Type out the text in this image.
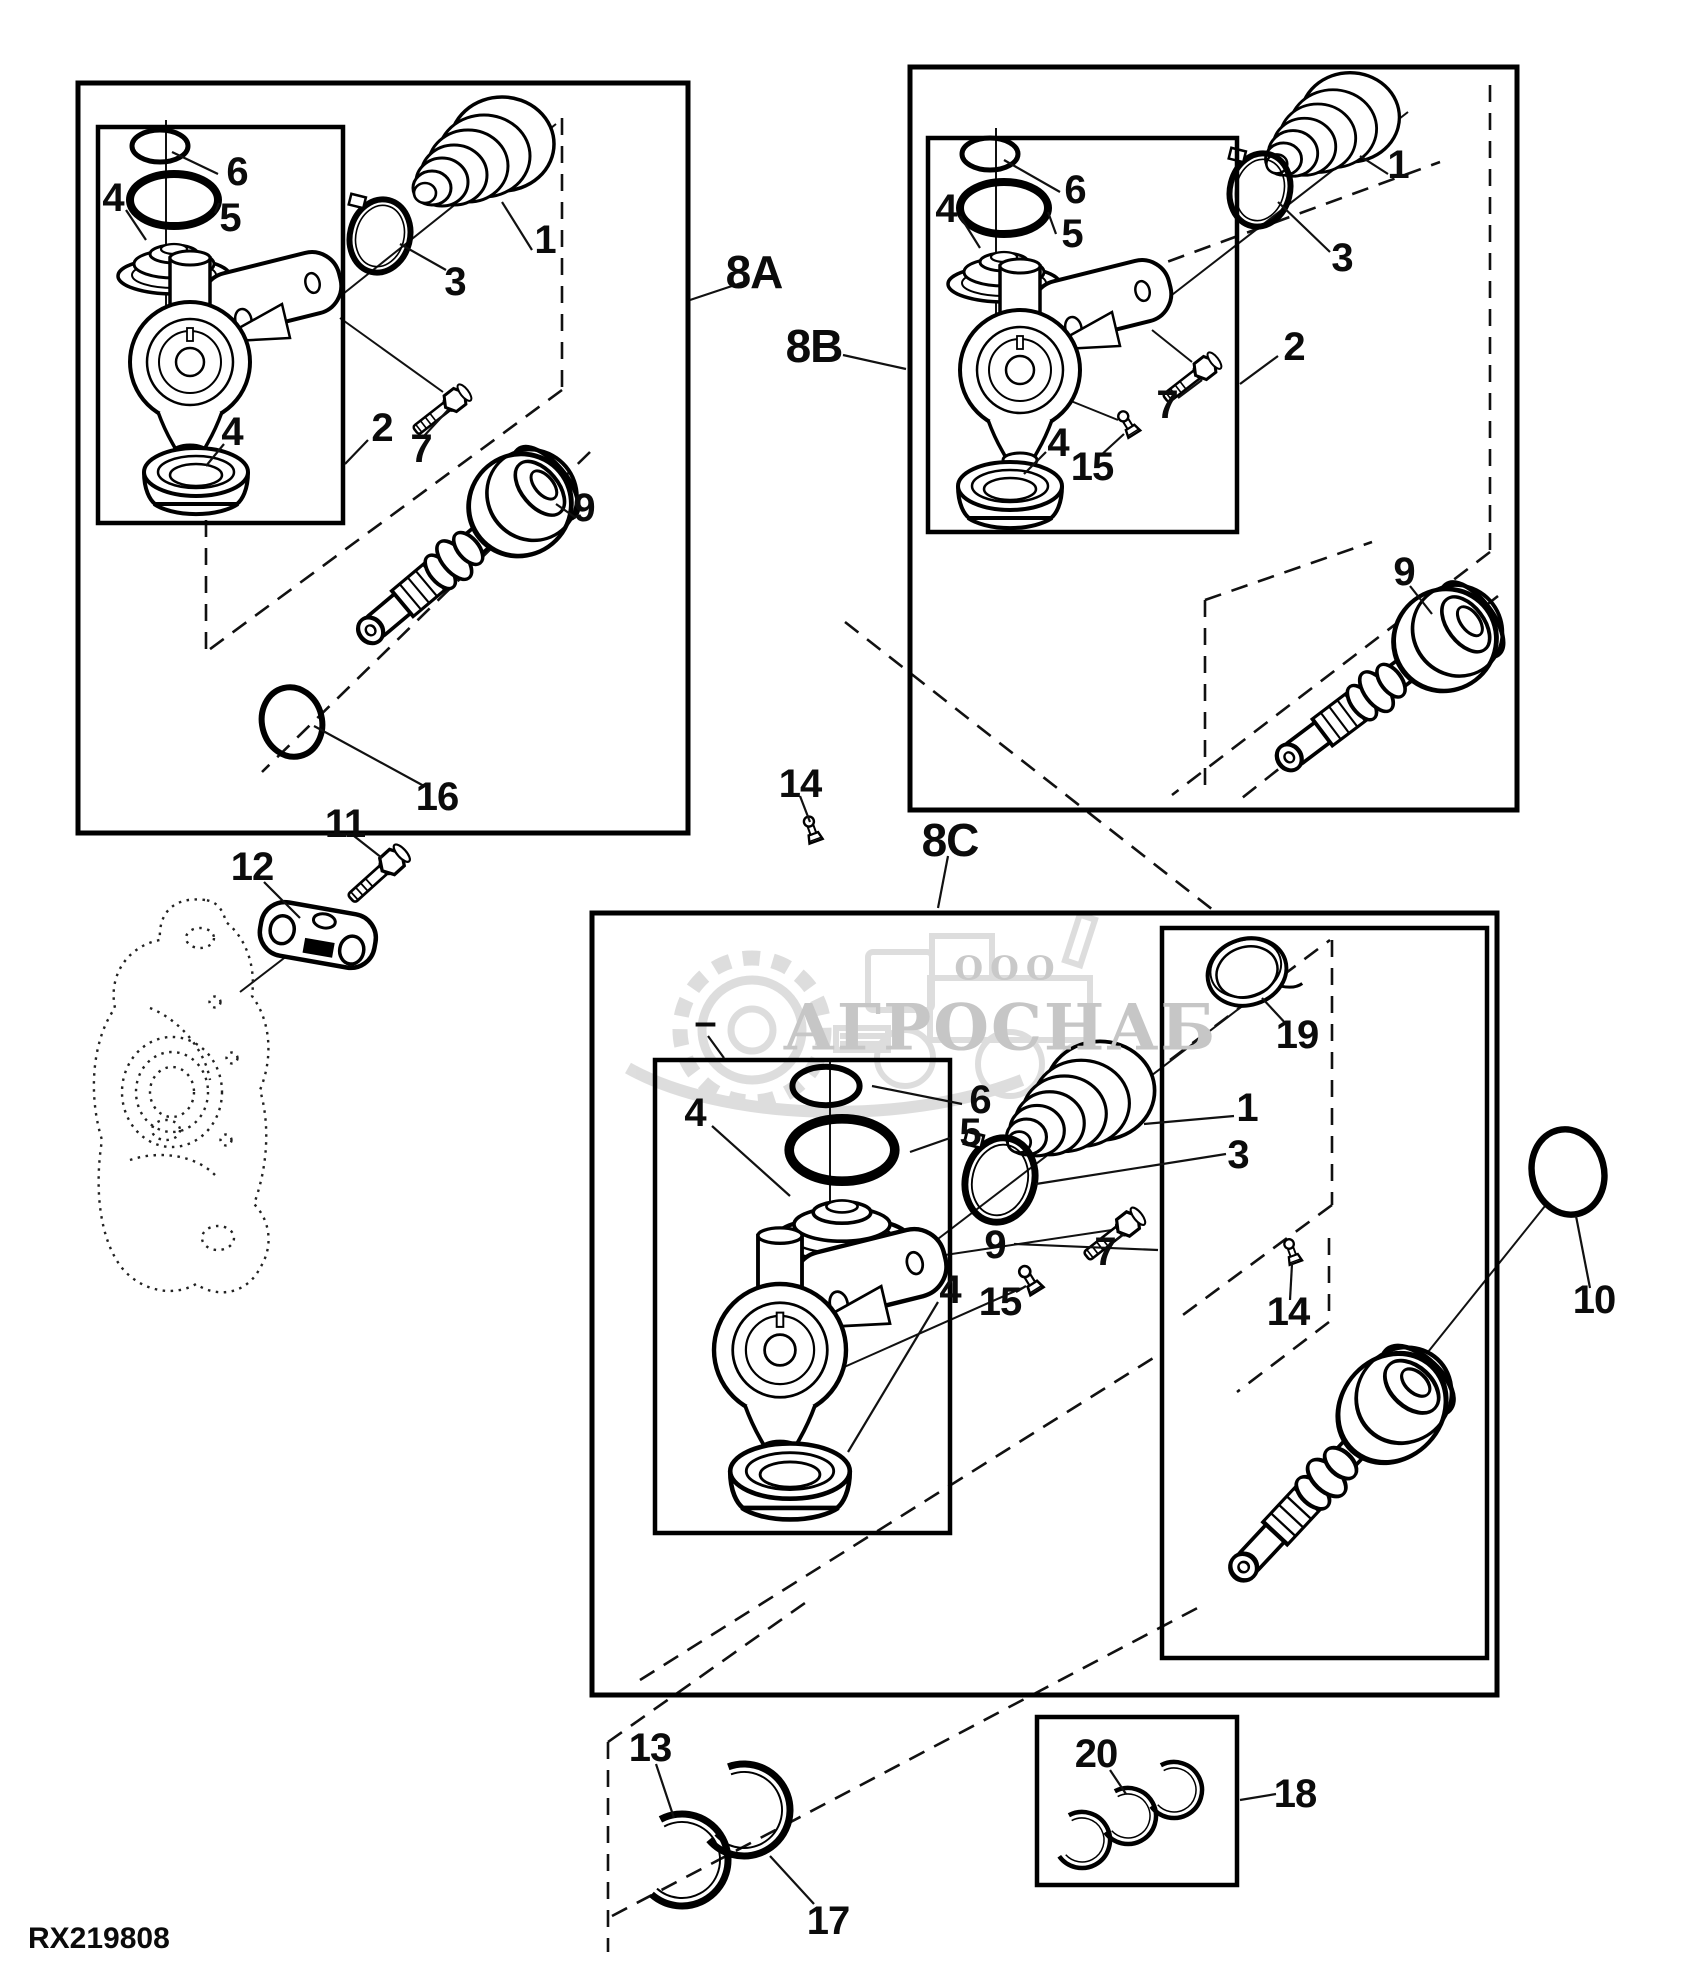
8A
8B
8C
6
5
4
4	2 7
3
1
9
16
6
5
4
4
2
7
15
3
1
9
14
–
6
5
4
4
7
15
1
3
19
14	10
9
13
17
18
20
11
12
ООО
АГРОСНАБ
RX219808
